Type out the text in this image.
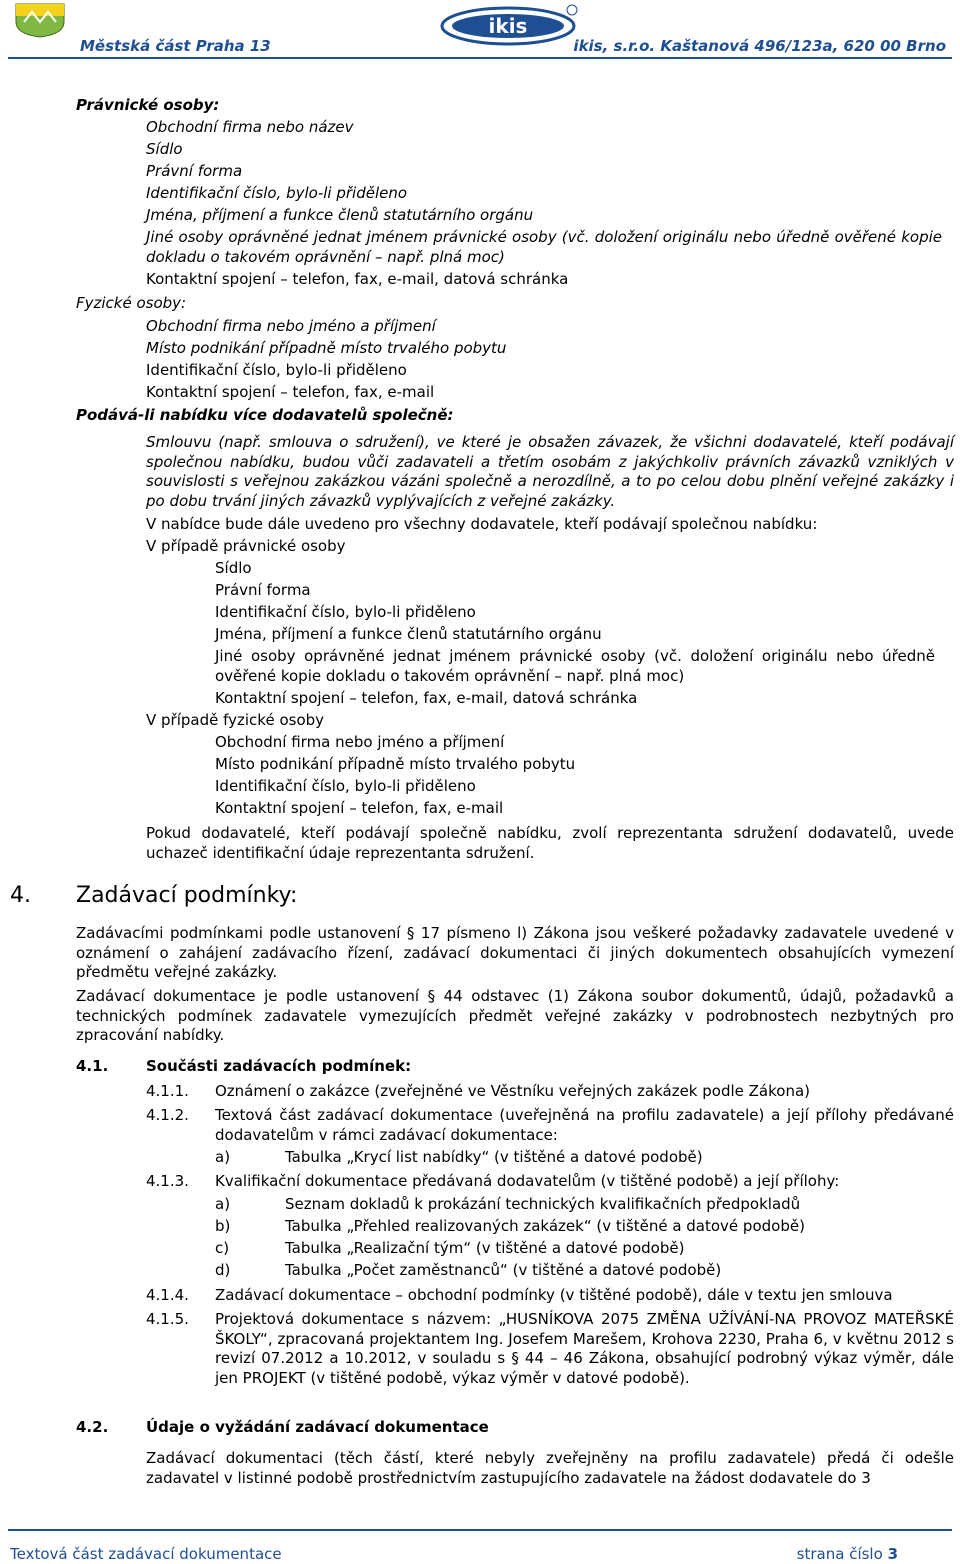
Městská část Praha 13
ikis
ikis, s.r.o. Kaštanová 496/123a, 620 00 Brno
Právnické osoby:
Obchodní firma nebo název
Sídlo
Právní forma
Identifikační číslo, bylo-li přiděleno
Jména, příjmení a funkce členů statutárního orgánu
Jiné osoby oprávněné jednat jménem právnické osoby (vč. doložení originálu nebo úředně ověřené kopie dokladu o takovém oprávnění – např. plná moc)
Kontaktní spojení – telefon, fax, e-mail, datová schránka
Fyzické osoby:
Obchodní firma nebo jméno a příjmení
Místo podnikání případně místo trvalého pobytu
Identifikační číslo, bylo-li přiděleno
Kontaktní spojení – telefon, fax, e-mail
Podává-li nabídku více dodavatelů společně:
Smlouvu (např. smlouva o sdružení), ve které je obsažen závazek, že všichni dodavatelé, kteří podávají společnou nabídku, budou vůči zadavateli a třetím osobám z jakýchkoliv právních závazků vzniklých v souvislosti s veřejnou zakázkou vázáni společně a nerozdílně, a to po celou dobu plnění veřejné zakázky i po dobu trvání jiných závazků vyplývajících z veřejné zakázky.
V nabídce bude dále uvedeno pro všechny dodavatele, kteří podávají společnou nabídku:
V případě právnické osoby
Sídlo
Právní forma
Identifikační číslo, bylo-li přiděleno
Jména, příjmení a funkce členů statutárního orgánu
Jiné osoby oprávněné jednat jménem právnické osoby (vč. doložení originálu nebo úředně ověřené kopie dokladu o takovém oprávnění – např. plná moc)
Kontaktní spojení – telefon, fax, e-mail, datová schránka
V případě fyzické osoby
Obchodní firma nebo jméno a příjmení
Místo podnikání případně místo trvalého pobytu
Identifikační číslo, bylo-li přiděleno
Kontaktní spojení – telefon, fax, e-mail
Pokud dodavatelé, kteří podávají společně nabídku, zvolí reprezentanta sdružení dodavatelů, uvede uchazeč identifikační údaje reprezentanta sdružení.
4. Zadávací podmínky:
Zadávacími podmínkami podle ustanovení § 17 písmeno l) Zákona jsou veškeré požadavky zadavatele uvedené v oznámení o zahájení zadávacího řízení, zadávací dokumentaci či jiných dokumentech obsahujících vymezení předmětu veřejné zakázky.
Zadávací dokumentace je podle ustanovení § 44 odstavec (1) Zákona soubor dokumentů, údajů, požadavků a technických podmínek zadavatele vymezujících předmět veřejné zakázky v podrobnostech nezbytných pro zpracování nabídky.
4.1.	Součásti zadávacích podmínek:
4.1.1. Oznámení o zakázce (zveřejněné ve Věstníku veřejných zakázek podle Zákona)
4.1.2. Textová část zadávací dokumentace (uveřejněná na profilu zadavatele) a její přílohy předávané dodavatelům v rámci zadávací dokumentace:
a)	Tabulka „Krycí list nabídky“ (v tištěné a datové podobě)
4.1.3. Kvalifikační dokumentace předávaná dodavatelům (v tištěné podobě) a její přílohy:
a)	Seznam dokladů k prokázání technických kvalifikačních předpokladů
b)	Tabulka „Přehled realizovaných zakázek“ (v tištěné a datové podobě)
c)	Tabulka „Realizační tým“ (v tištěné a datové podobě)
d)	Tabulka „Počet zaměstnanců“ (v tištěné a datové podobě)
4.1.4. Zadávací dokumentace – obchodní podmínky (v tištěné podobě), dále v textu jen smlouva
4.1.5. Projektová dokumentace s názvem: „HUSNÍKOVA 2075 ZMĚNA UŽÍVÁNÍ-NA PROVOZ MATEŘSKÉ ŠKOLY“, zpracovaná projektantem Ing. Josefem Marešem, Krohova 2230, Praha 6, v květnu 2012 s revizí 07.2012 a 10.2012, v souladu s § 44 – 46 Zákona, obsahující podrobný výkaz výměr, dále jen PROJEKT (v tištěné podobě, výkaz výměr v datové podobě).
4.2.	Údaje o vyžádání zadávací dokumentace
Zadávací dokumentaci (těch částí, které nebyly zveřejněny na profilu zadavatele) předá či odešle zadavatel v listinné podobě prostřednictvím zastupujícího zadavatele na žádost dodavatele do 3
Textová část zadávací dokumentace	strana číslo 3
